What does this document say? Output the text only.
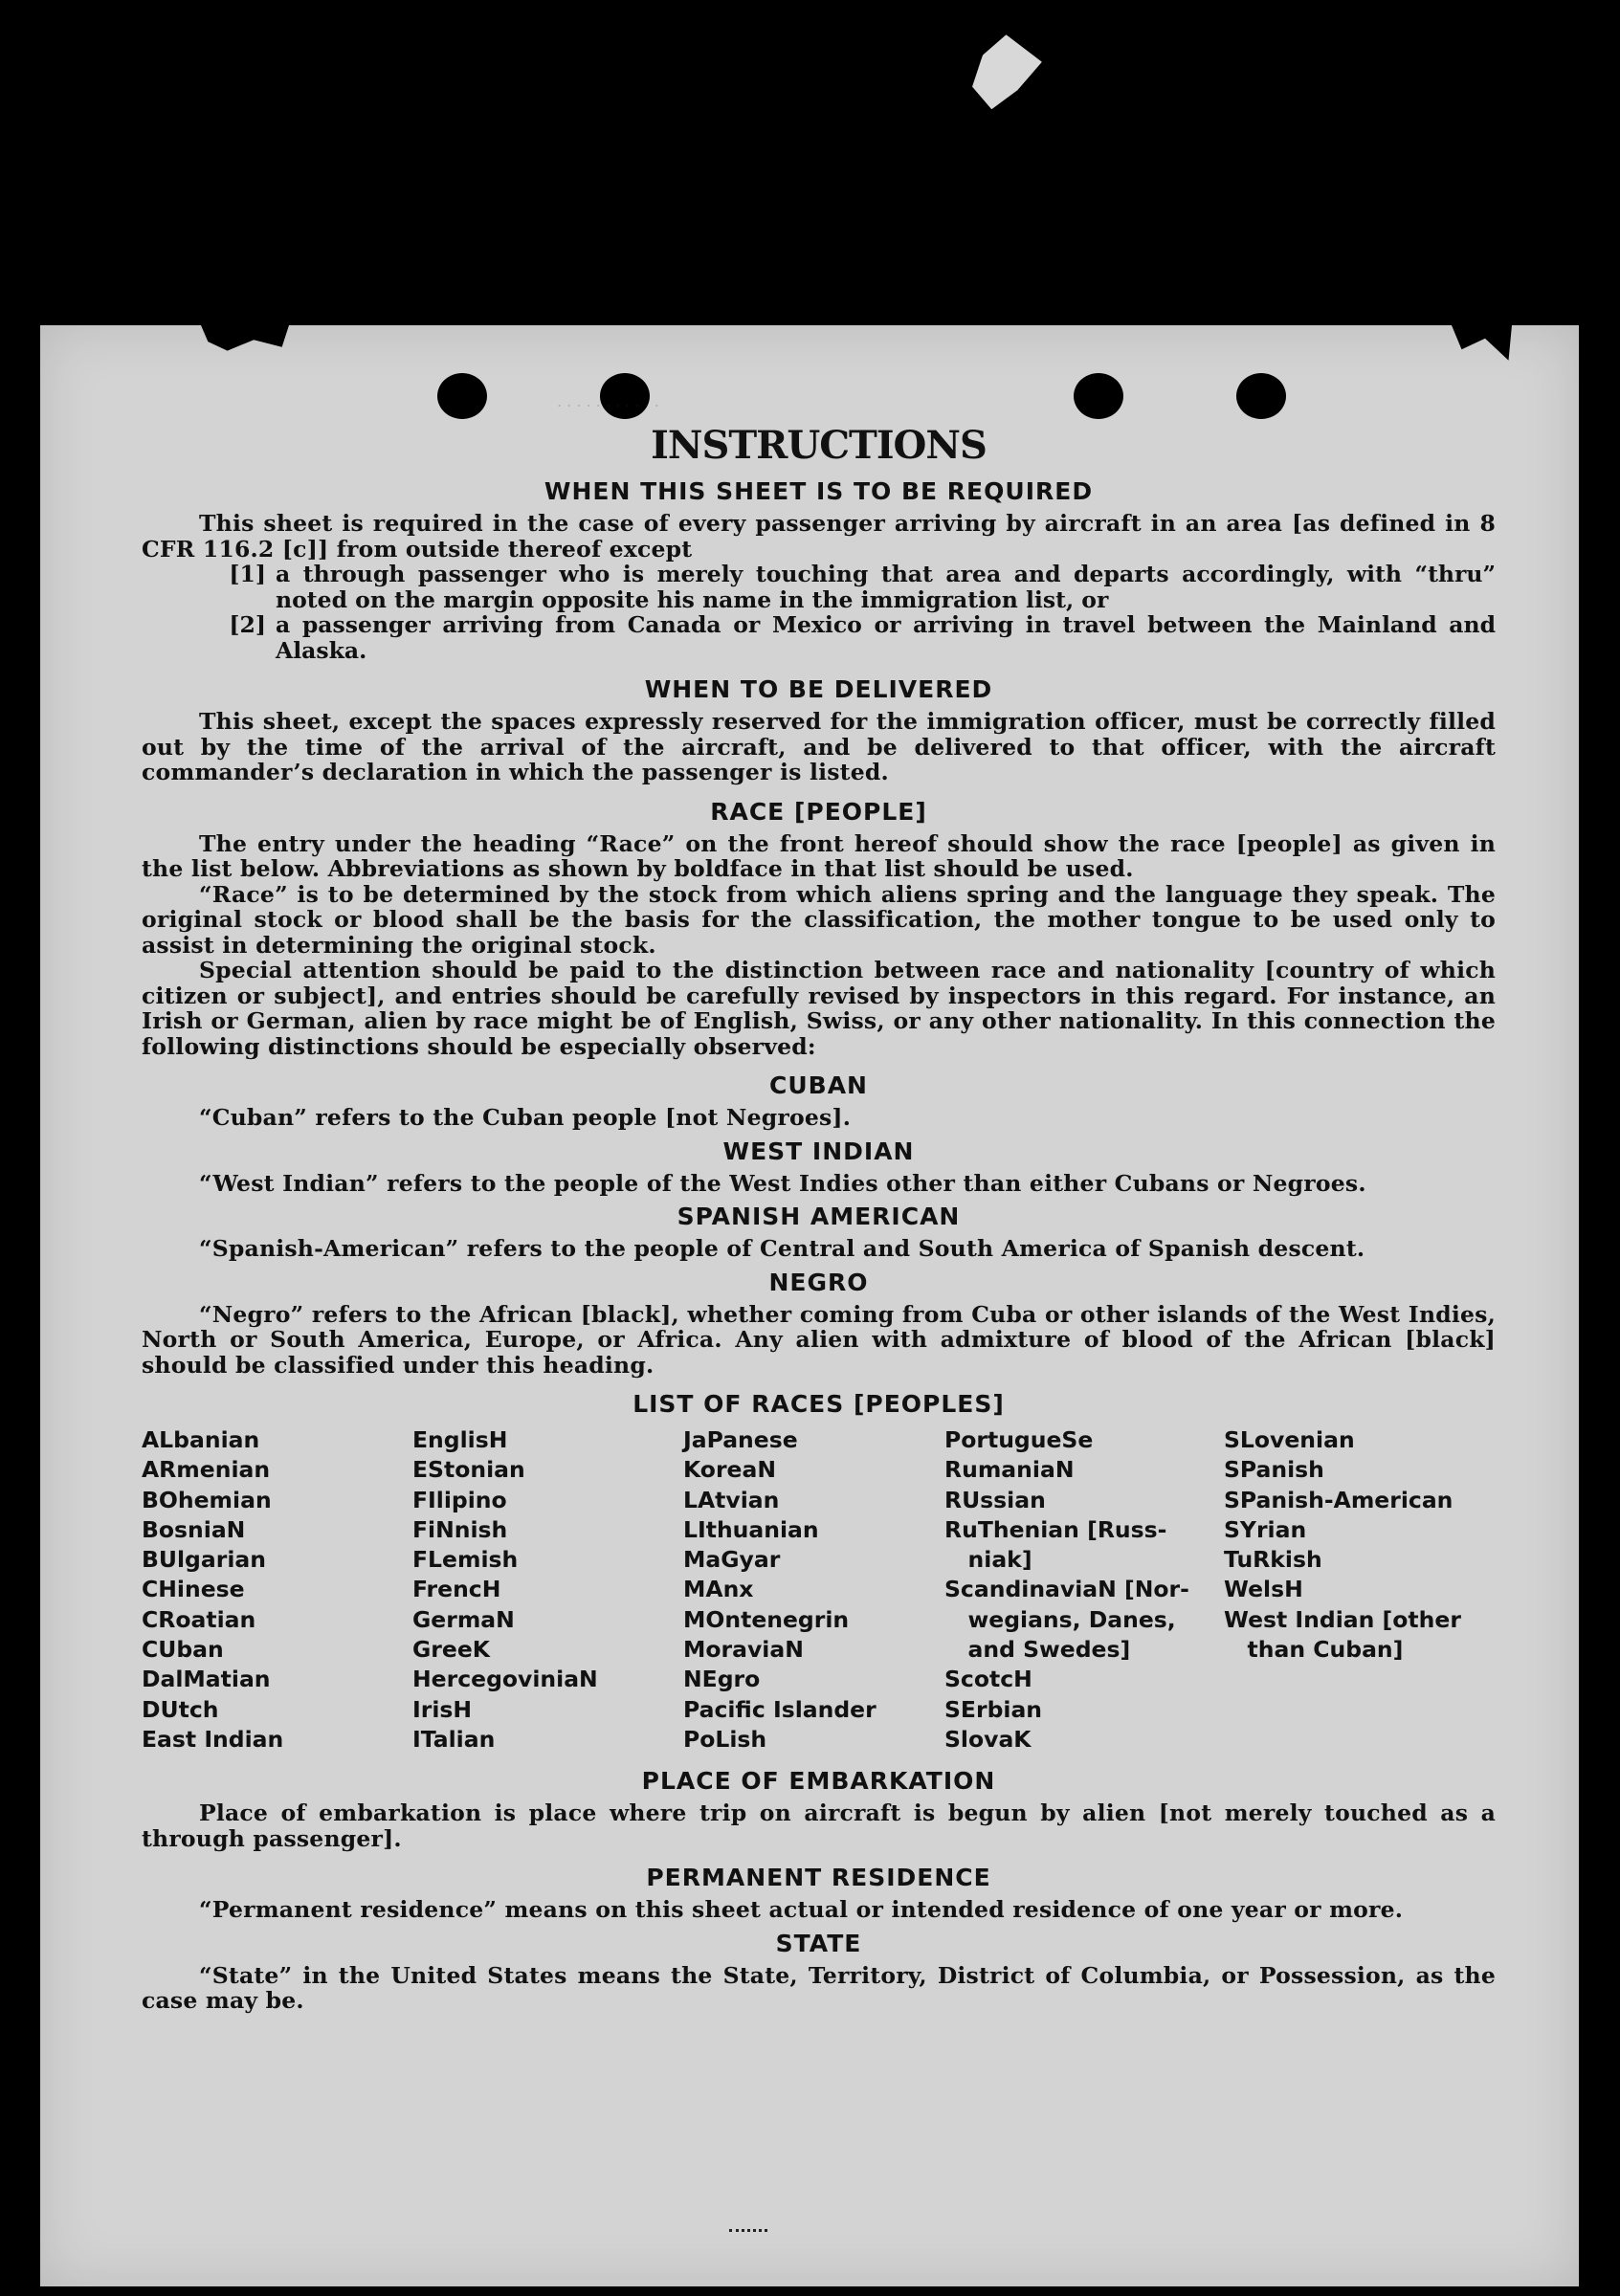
. . . . . . . . . . .
INSTRUCTIONS
WHEN THIS SHEET IS TO BE REQUIRED

This sheet is required in the case of every passenger arriving by aircraft in an area [as defined in 8 CFR 116.2 [c]] from outside thereof except

[1] a through passenger who is merely touching that area and departs accordingly, with “thru” noted on the margin opposite his name in the immigration list, or
[2] a passenger arriving from Canada or Mexico or arriving in travel between the Mainland and Alaska.
WHEN TO BE DELIVERED

This sheet, except the spaces expressly reserved for the immigration officer, must be correctly filled out by the time of the arrival of the aircraft, and be delivered to that officer, with the aircraft commander’s declaration in which the passenger is listed.

RACE [PEOPLE]

The entry under the heading “Race” on the front hereof should show the race [people] as given in the list below. Abbreviations as shown by boldface in that list should be used.

“Race” is to be determined by the stock from which aliens spring and the language they speak. The original stock or blood shall be the basis for the classification, the mother tongue to be used only to assist in determining the original stock.

Special attention should be paid to the distinction between race and nationality [country of which citizen or subject], and entries should be carefully revised by inspectors in this regard. For instance, an Irish or German, alien by race might be of English, Swiss, or any other nationality. In this connection the following distinctions should be especially observed:

CUBAN

“Cuban” refers to the Cuban people [not Negroes].

WEST INDIAN

“West Indian” refers to the people of the West Indies other than either Cubans or Negroes.

SPANISH AMERICAN

“Spanish-American” refers to the people of Central and South America of Spanish descent.

NEGRO

“Negro” refers to the African [black], whether coming from Cuba or other islands of the West Indies, North or South America, Europe, or Africa. Any alien with admixture of blood of the African [black] should be classified under this heading.

LIST OF RACES [PEOPLES]
ALbanian
ARmenian
BOhemian
BosniaN
BUlgarian
CHinese
CRoatian
CUban
DalMatian
DUtch
East Indian
EnglisH
EStonian
FIlipino
FiNnish
FLemish
FrencH
GermaN
GreeK
HercegoviniaN
IrisH
ITalian
JaPanese
KoreaN
LAtvian
LIthuanian
MaGyar
MAnx
MOntenegrin
MoraviaN
NEgro
Pacific Islander
PoLish
PortugueSe
RumaniaN
RUssian
RuThenian [Russ-
niak]
ScandinaviaN [Nor-
wegians, Danes,
and Swedes]
ScotcH
SErbian
SlovaK
SLovenian
SPanish
SPanish-American
SYrian
TuRkish
WelsH
West Indian [other
than Cuban]
PLACE OF EMBARKATION

Place of embarkation is place where trip on aircraft is begun by alien [not merely touched as a through passenger].

PERMANENT RESIDENCE

“Permanent residence” means on this sheet actual or intended residence of one year or more.

STATE

“State” in the United States means the State, Territory, District of Columbia, or Possession, as the case may be.
